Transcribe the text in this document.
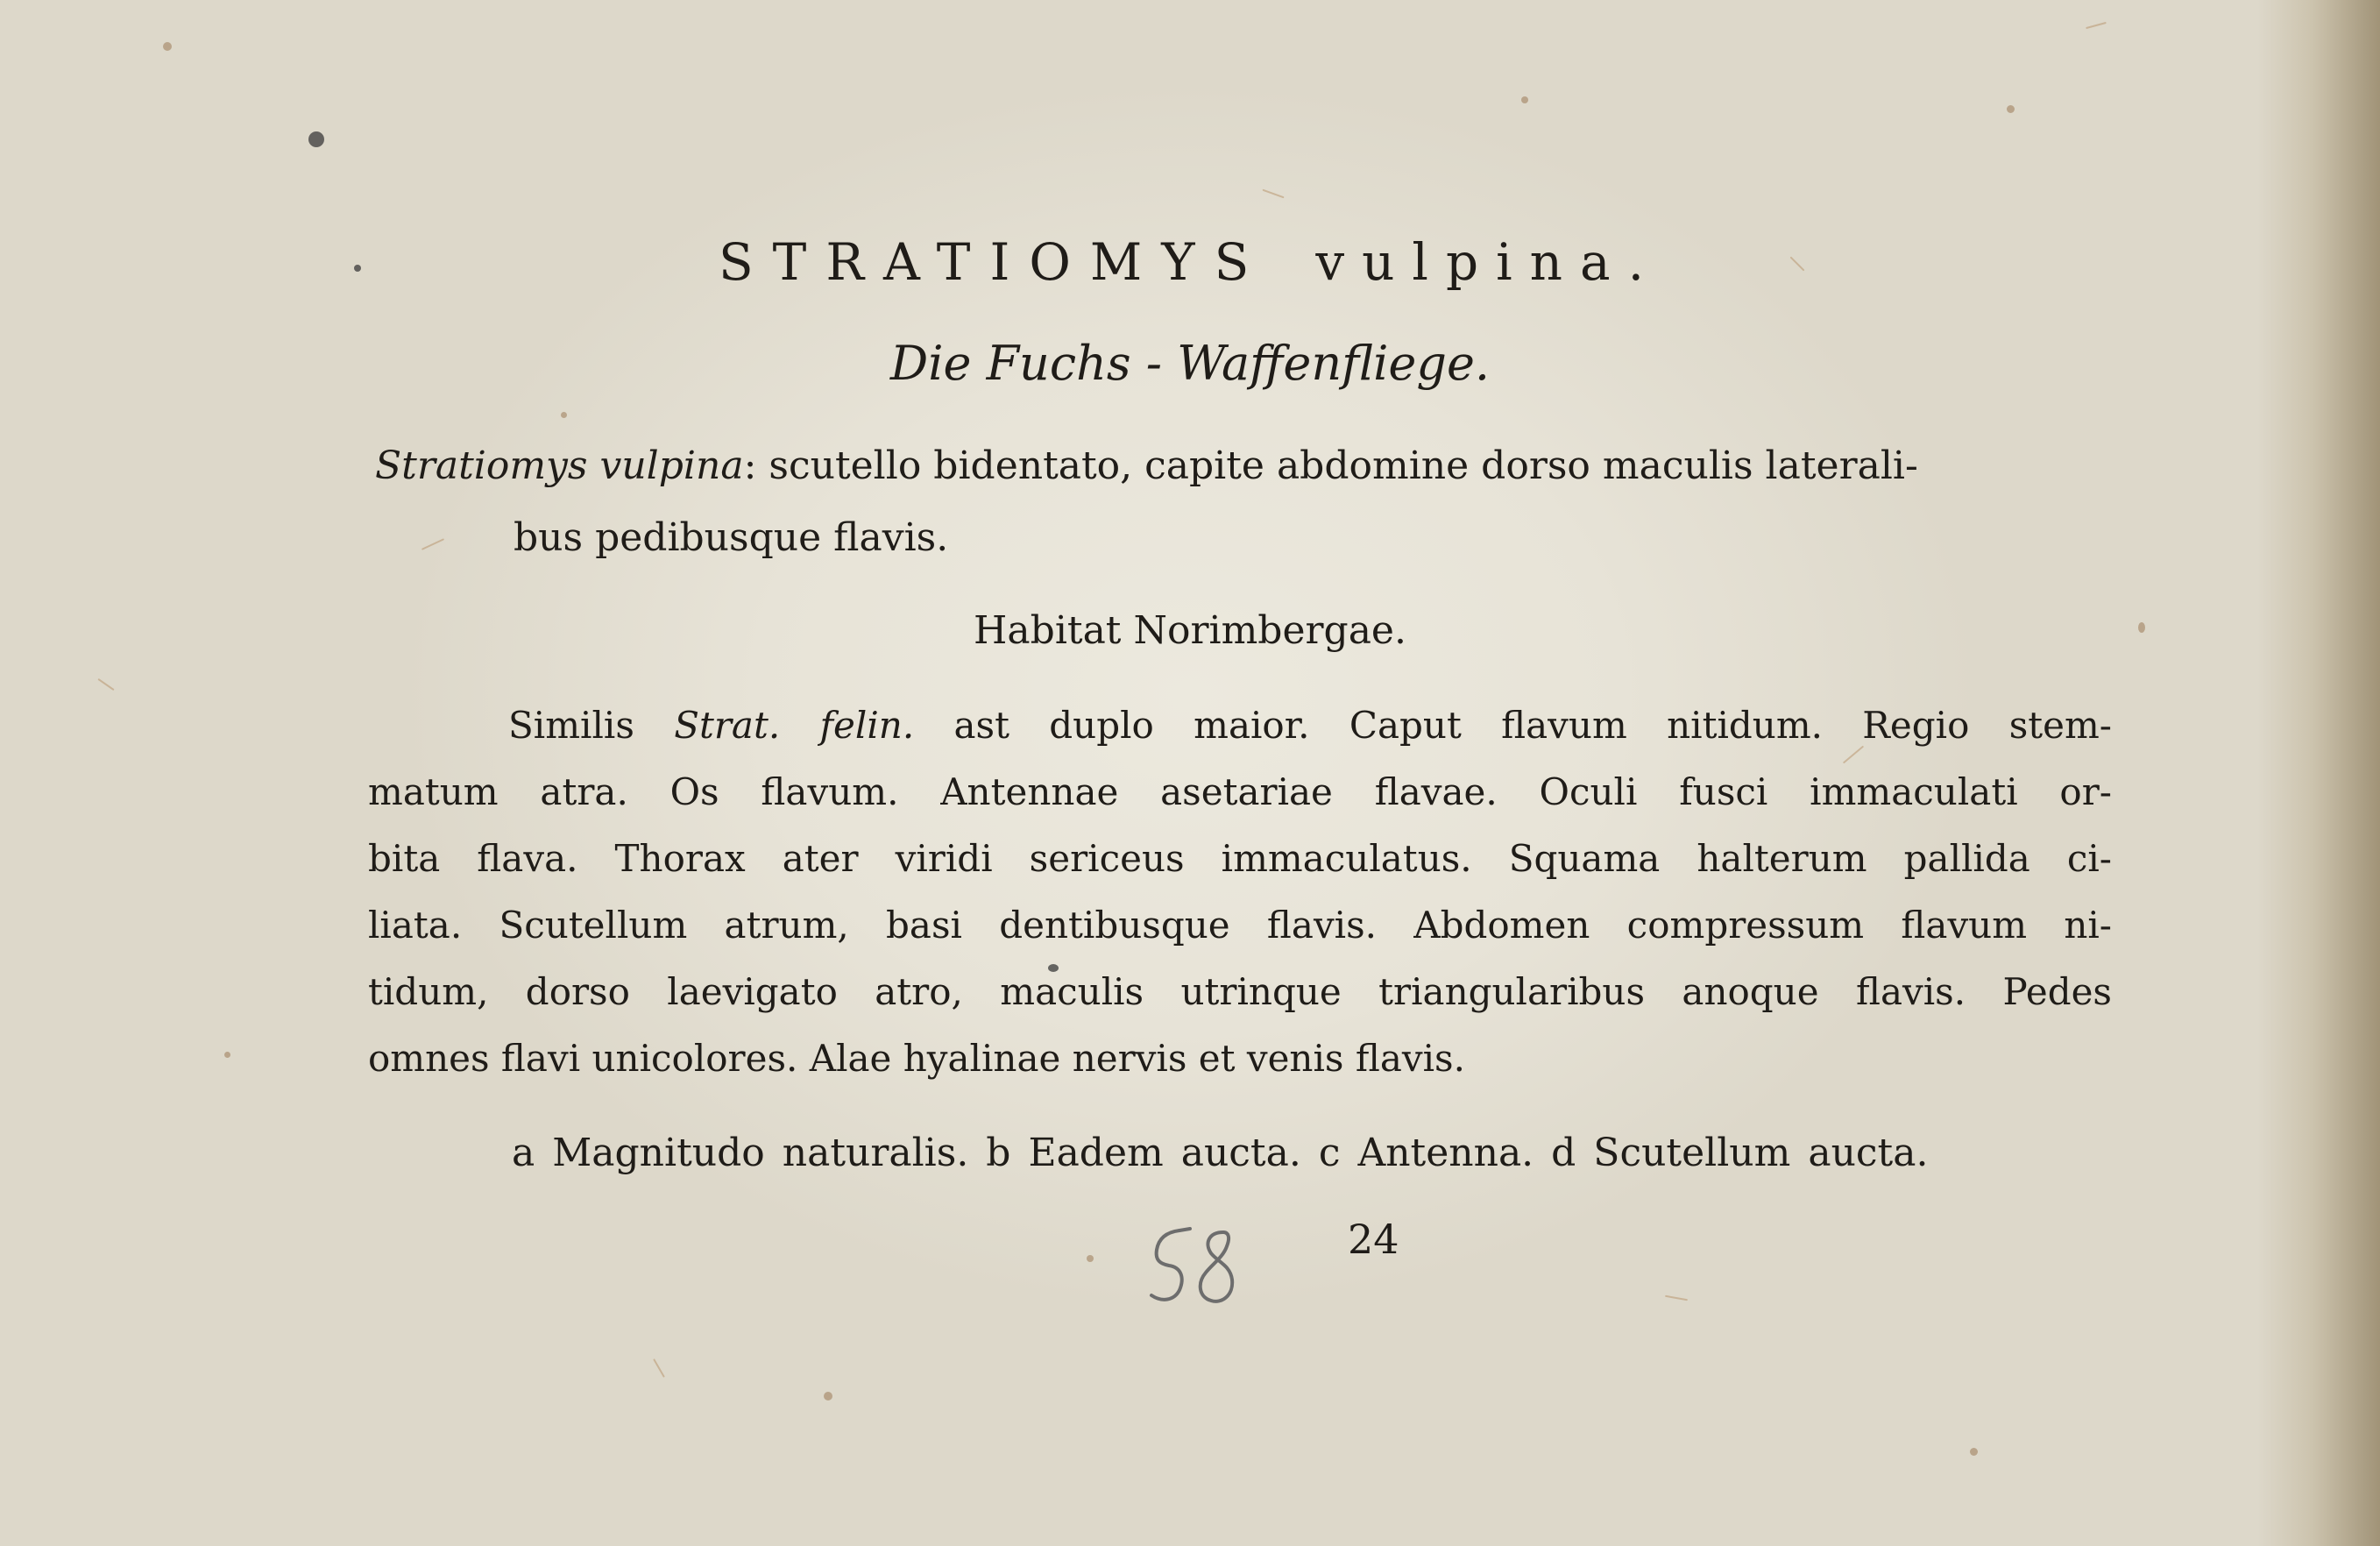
STRATIOMYS vulpina.
Die Fuchs - Waffenfliege.
Stratiomys vulpina: scutello bidentato, capite abdomine dorso maculis laterali-
bus pedibusque flavis.
Habitat Norimbergae.
Similis Strat. felin. ast duplo maior. Caput flavum nitidum. Regio stem-
matum atra. Os flavum. Antennae asetariae flavae. Oculi fusci immaculati or-
bita flava. Thorax ater viridi sericeus immaculatus. Squama halterum pallida ci-
liata. Scutellum atrum, basi dentibusque flavis. Abdomen compressum flavum ni-
tidum, dorso laevigato atro, maculis utrinque triangularibus anoque flavis. Pedes
omnes flavi unicolores. Alae hyalinae nervis et venis flavis.
a Magnitudo naturalis. b Eadem aucta. c Antenna. d Scutellum aucta.
24
